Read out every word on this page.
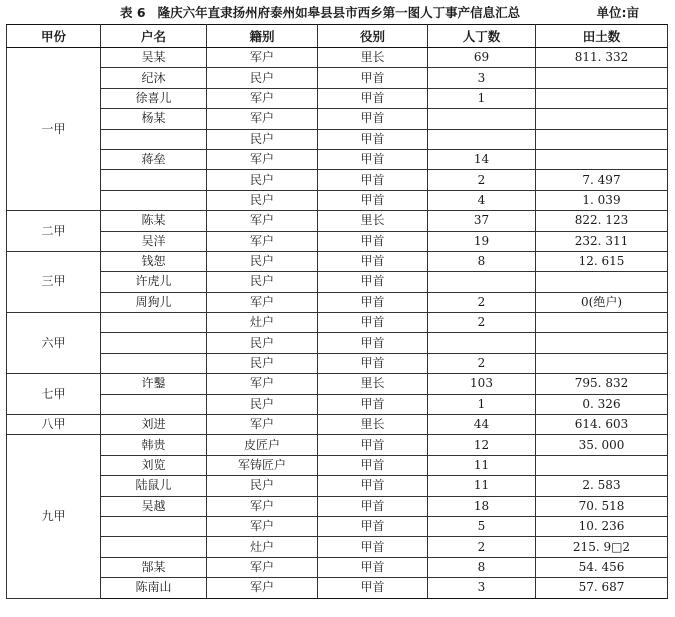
表 6 隆庆六年直隶扬州府泰州如皋县县市西乡第一图人丁事产信息汇总	单位:亩
甲份	户名	籍别	役别	人丁数	田土数
一甲	吴某	军户	里长	69	811. 332
	纪沐	民户	甲首	3	
	徐喜儿	军户	甲首	1	
	杨某	军户	甲首		
		民户	甲首		
	蒋垒	军户	甲首	14	
		民户	甲首	2	7. 497
		民户	甲首	4	1. 039
二甲	陈某	军户	里长	37	822. 123
	吴洋	军户	甲首	19	232. 311
三甲	钱恕	民户	甲首	8	12. 615
	许虎儿	民户	甲首		
	周狗儿	军户	甲首	2	0(绝户)
六甲		灶户	甲首	2	
		民户	甲首		
		民户	甲首	2	
七甲	许鑿	军户	里长	103	795. 832
		民户	甲首	1	0. 326
八甲	刘进	军户	里长	44	614. 603
九甲	韩贵	皮匠户	甲首	12	35. 000
	刘览	军铸匠户	甲首	11	
	陆鼠儿	民户	甲首	11	2. 583
	吴越	军户	甲首	18	70. 518
		军户	甲首	5	10. 236
		灶户	甲首	2	215. 9□2
	郜某	军户	甲首	8	54. 456
	陈南山	军户	甲首	3	57. 687
